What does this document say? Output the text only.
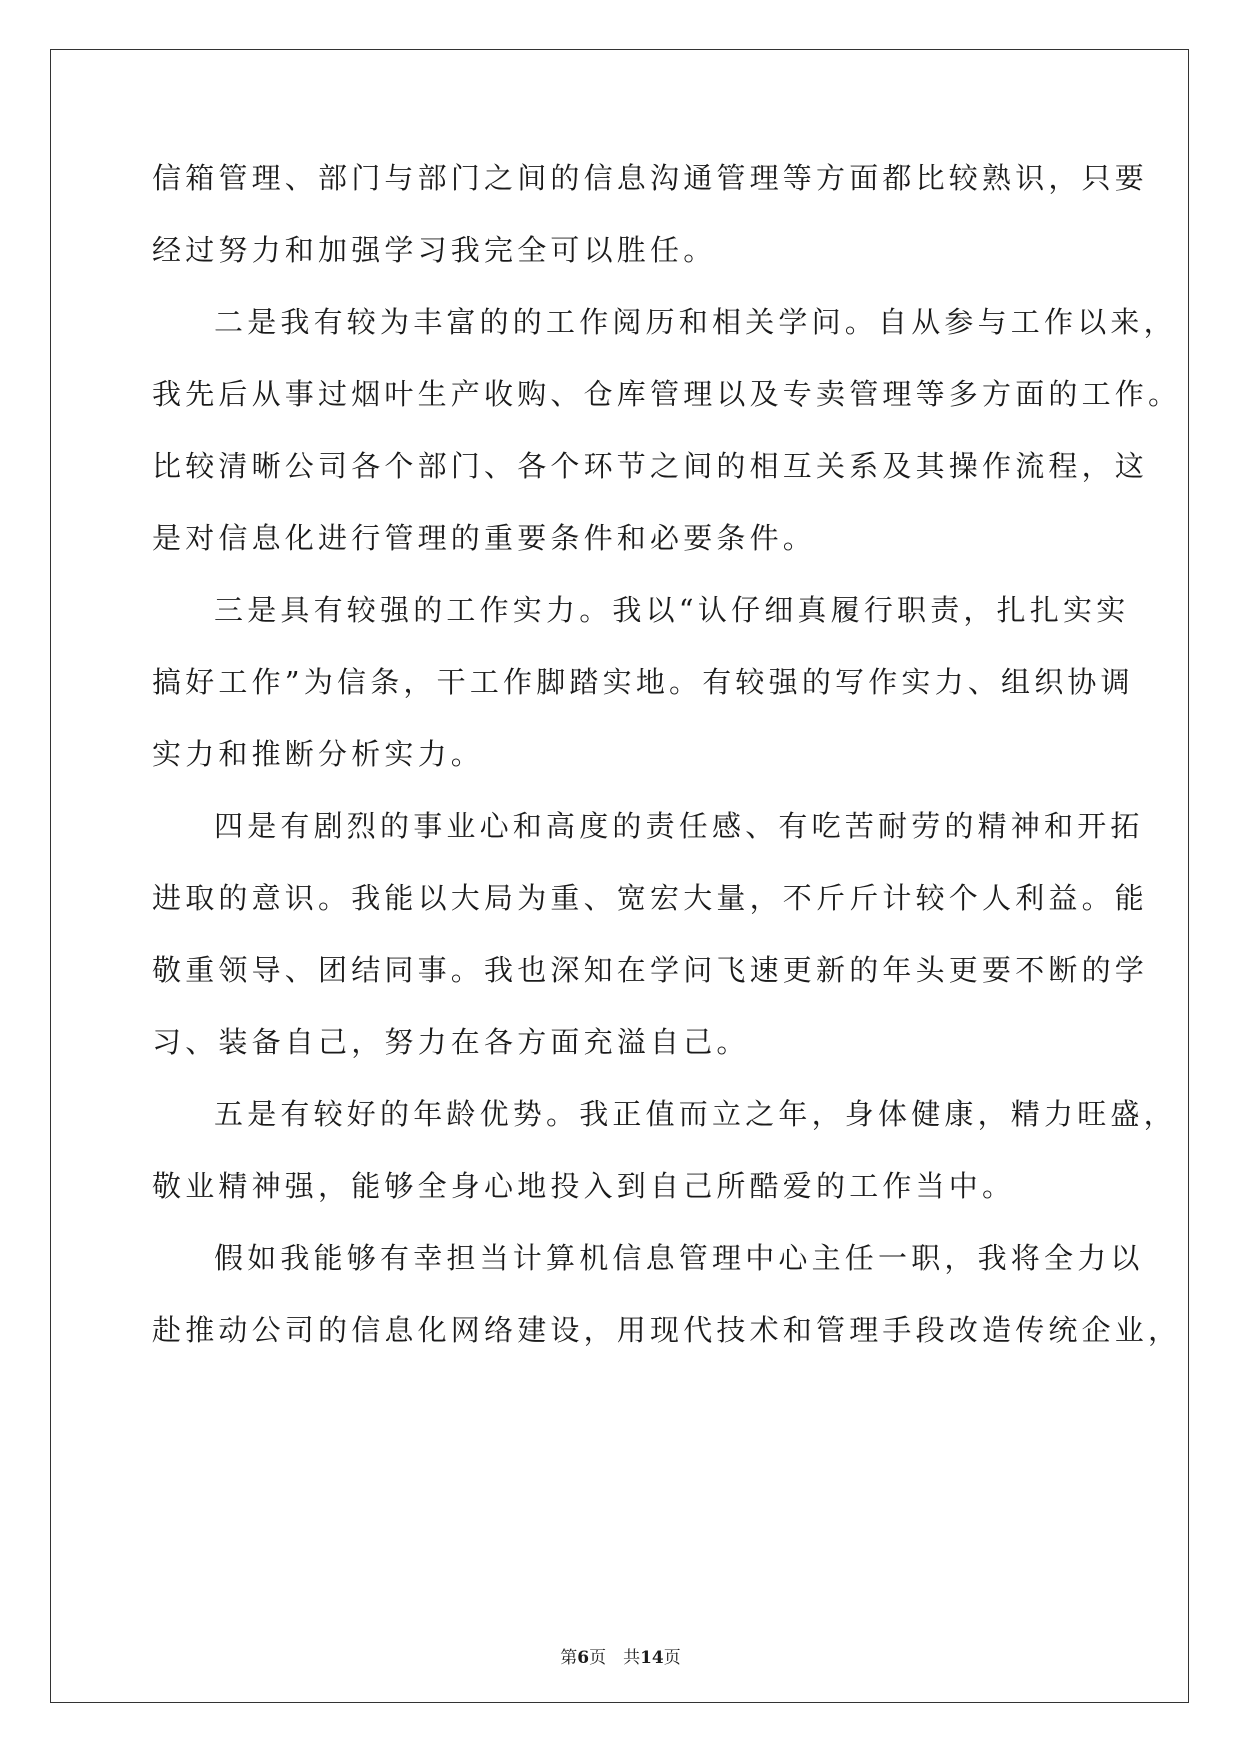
信箱管理、部门与部门之间的信息沟通管理等方面都比较熟识，只要
经过努力和加强学习我完全可以胜任。
二是我有较为丰富的的工作阅历和相关学问。自从参与工作以来，
我先后从事过烟叶生产收购、仓库管理以及专卖管理等多方面的工作。
比较清晰公司各个部门、各个环节之间的相互关系及其操作流程，这
是对信息化进行管理的重要条件和必要条件。
三是具有较强的工作实力。我以“认仔细真履行职责，扎扎实实
搞好工作”为信条，干工作脚踏实地。有较强的写作实力、组织协调
实力和推断分析实力。
四是有剧烈的事业心和高度的责任感、有吃苦耐劳的精神和开拓
进取的意识。我能以大局为重、宽宏大量，不斤斤计较个人利益。能
敬重领导、团结同事。我也深知在学问飞速更新的年头更要不断的学
习、装备自己，努力在各方面充溢自己。
五是有较好的年龄优势。我正值而立之年，身体健康，精力旺盛，
敬业精神强，能够全身心地投入到自己所酷爱的工作当中。
假如我能够有幸担当计算机信息管理中心主任一职，我将全力以
赴推动公司的信息化网络建设，用现代技术和管理手段改造传统企业，
第6页　共14页
